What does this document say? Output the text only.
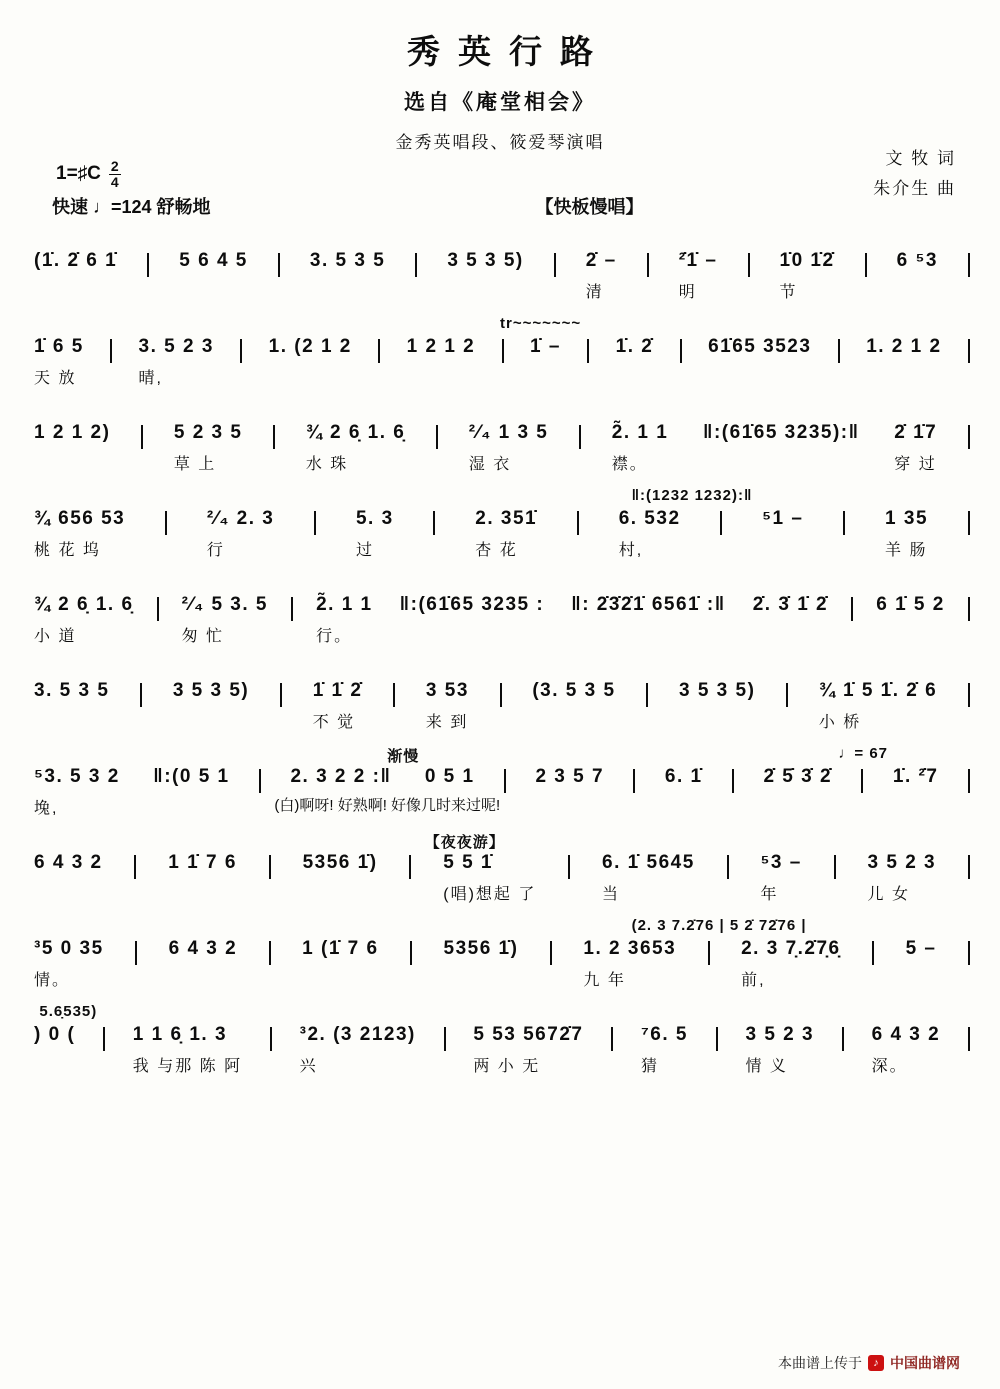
秀英行路
选自《庵堂相会》
金秀英唱段、筱爱琴演唱
文 牧 词
朱介生 曲
1=♯C $\frac{2}{4}$
快速 ♩=124 舒畅地	【快板慢唱】
(1̇. 2̇ 6 1̇	5 6 4 5	3. 5 3 5	3 5 3 5)	2̇ –
清
²̇1̇ –
明
1̇0 1̇2̇
节
6 ⁵3
tr~~~~~~~
1̇ 6 5
天 放
3. 5 2 3
晴,
1. (2 1 2	1 2 1 2	1̇ –	1̇. 2̇	61̇65 3523	1. 2 1 2
1 2 1 2)	5 2 3 5
草 上
¾ 2 6̣ 1. 6̣
水 珠
²⁄₄ 1 3 5
湿 衣
2̃. 1 1
襟。
‖:(61̇65 3235):‖ 2̇ 1̇7
穿 过
‖:(1232 1232):‖
¾ 656 53
桃 花 坞
²⁄₄ 2. 3
行
5. 3
过
2. 351̇
杏 花
6. 532
村,
⁵1 –	1 35
羊 肠
¾ 2 6̣ 1. 6̣
小 道
²⁄₄ 5 3. 5
匆 忙
2̃. 1 1
行。
‖:(61̇65 3235 : ‖: 2̇3̇2̇1̇ 6561̇ :‖ 2̇. 3̇ 1̇ 2̇	6 1̇ 5 2
3. 5 3 5	3 5 3 5)	1̇ 1̇ 2̇
不 觉
3 53
来 到
(3. 5 3 5	3 5 3 5)	¾ 1̇ 5 1̇. 2̇ 6
小 桥
渐慢	♩= 67
⁵3. 5 3 2
堍,
‖:(0 5 1	2. 3 2 2 :‖ 0 5 1	2 3 5 7	6. 1̇	2̇ 5̇ 3̇ 2̇	1̇. ²̇7
(白)啊呀! 好熟啊! 好像几时来过呢!
【夜夜游】
6 4 3 2	1 1̇ 7 6	5356 1̇)	5 5 1̇
(唱)想起 了
6. 1̇ 5645
当
⁵3 –
年
3 5 2 3
儿 女
(2. 3 7.2̇76 | 5 2̇ 72̇76 |
³5 0 35
情。
6 4 3 2	1 (1̇ 7 6	5356 1̇)	1. 2 3653
九 年
2. 3 7̣.2̇7̣6̣
前,
5 –
5.6̣535)
) 0 (	1 1 6̣ 1. 3
我 与那 陈 阿
³2. (3 2123)
兴
5 53 5672̇7
两 小 无
⁷6. 5
猜
3 5 2 3
情 义
6 4 3 2
深。
本曲谱上传于	♪ 中国曲谱网
